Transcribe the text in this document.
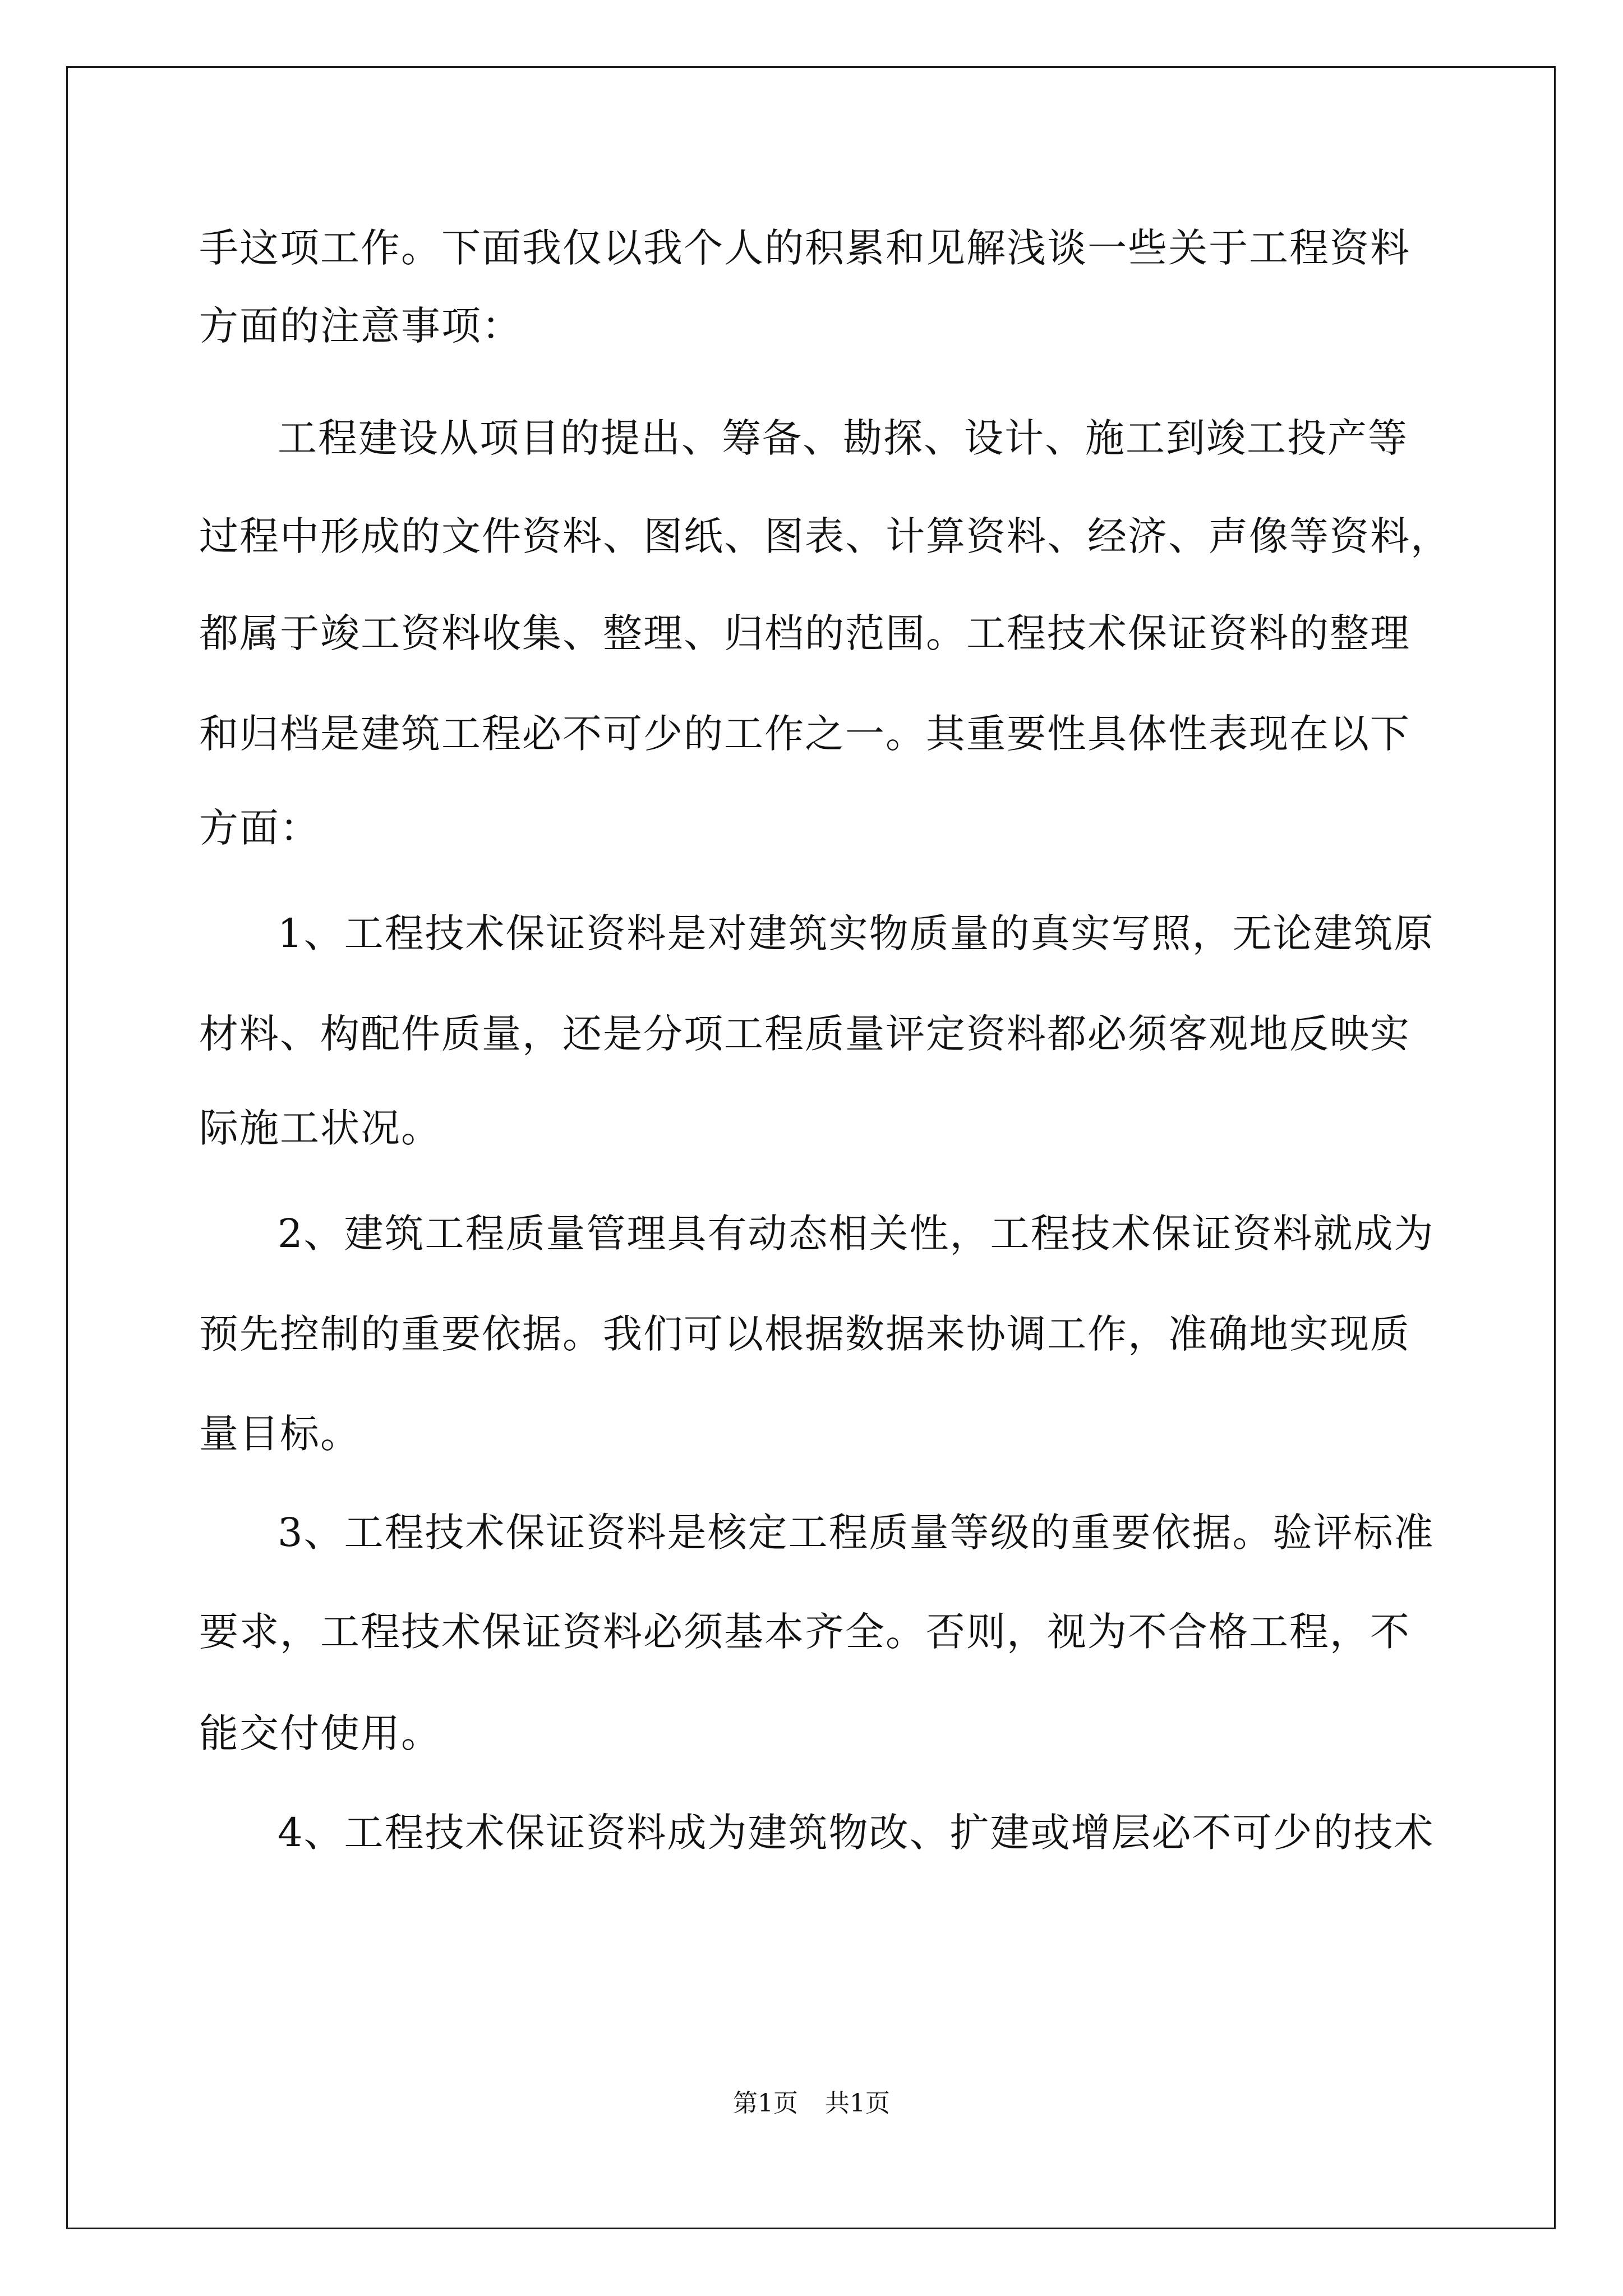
手这项工作。下面我仅以我个人的积累和见解浅谈一些关于工程资料
方面的注意事项：
工程建设从项目的提出、筹备、勘探、设计、施工到竣工投产等
过程中形成的文件资料、图纸、图表、计算资料、经济、声像等资料，
都属于竣工资料收集、整理、归档的范围。工程技术保证资料的整理
和归档是建筑工程必不可少的工作之一。其重要性具体性表现在以下
方面：
1、工程技术保证资料是对建筑实物质量的真实写照，无论建筑原
材料、构配件质量，还是分项工程质量评定资料都必须客观地反映实
际施工状况。
2、建筑工程质量管理具有动态相关性，工程技术保证资料就成为
预先控制的重要依据。我们可以根据数据来协调工作，准确地实现质
量目标。
3、工程技术保证资料是核定工程质量等级的重要依据。验评标准
要求，工程技术保证资料必须基本齐全。否则，视为不合格工程，不
能交付使用。
4、工程技术保证资料成为建筑物改、扩建或增层必不可少的技术
第1页 共1页
